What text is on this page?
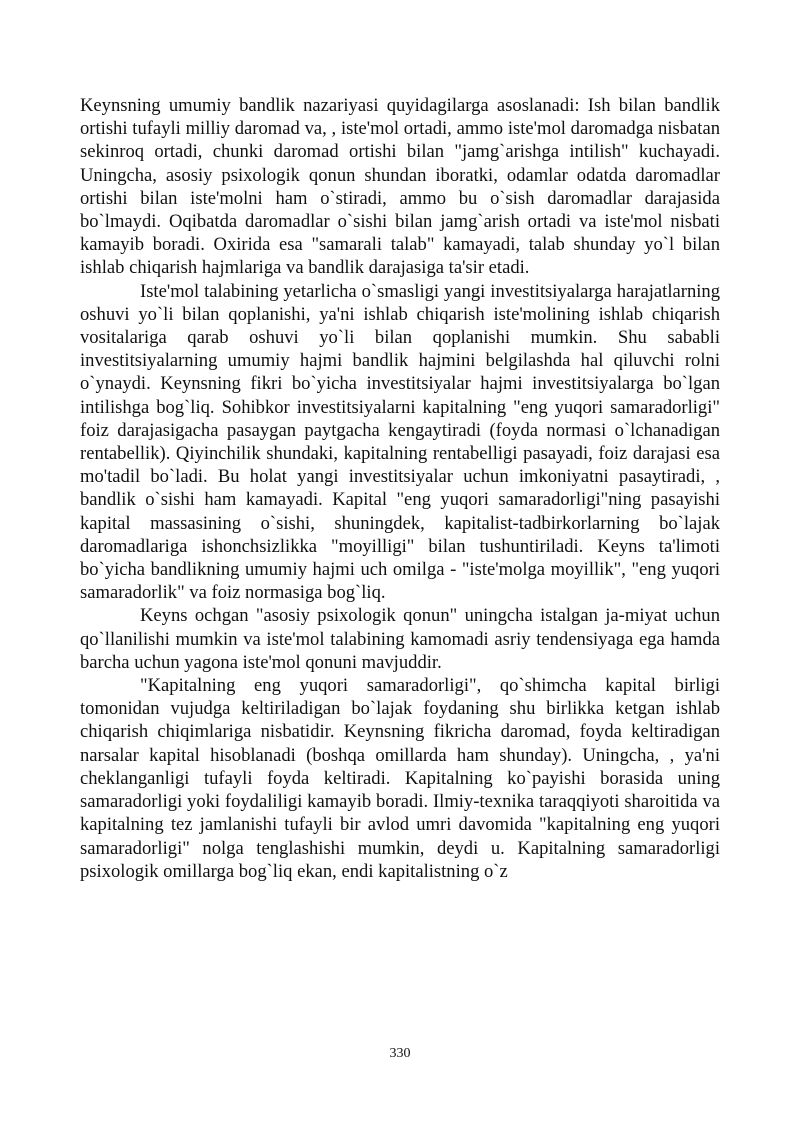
Keynsning umumiy bandlik nazariyasi quyidagilarga asoslanadi: Ish bilan bandlik ortishi tufayli milliy daromad va, , iste'mol ortadi, ammo iste'mol daromadga nisbatan sekinroq ortadi, chunki daromad ortishi bilan "jamg`arishga intilish" kuchayadi. Uningcha, asosiy psixologik qonun shundan iboratki, odamlar odatda daromadlar ortishi bilan iste'molni ham o`stiradi, ammo bu o`sish daromadlar darajasida bo`lmaydi. Oqibatda daromadlar o`sishi bilan jamg`arish ortadi va iste'mol nisbati kamayib boradi. Oxirida esa "samarali talab" kamayadi, talab shunday yo`l bilan ishlab chiqarish hajmlariga va bandlik darajasiga ta'sir etadi.

Iste'mol talabining yetarlicha o`smasligi yangi investitsiyalarga harajatlarning oshuvi yo`li bilan qoplanishi, ya'ni ishlab chiqarish iste'molining ishlab chiqarish vositalariga qarab oshuvi yo`li bilan qoplanishi mumkin. Shu sababli investitsiyalarning umumiy hajmi bandlik hajmini belgilashda hal qiluvchi rolni o`ynaydi. Keynsning fikri bo`yicha investitsiyalar hajmi investitsiyalarga bo`lgan intilishga bog`liq. Sohibkor investitsiyalarni kapitalning "eng yuqori samaradorligi" foiz darajasigacha pasaygan paytgacha kengaytiradi (foyda normasi o`lchanadigan rentabellik). Qiyinchilik shundaki, kapitalning rentabelligi pasayadi, foiz darajasi esa mo'tadil bo`ladi. Bu holat yangi investitsiyalar uchun imkoniyatni pasaytiradi, , bandlik o`sishi ham kamayadi. Kapital "eng yuqori samaradorligi"ning pasayishi kapital massasining o`sishi, shuningdek, kapitalist-tadbirkorlarning bo`lajak daromadlariga ishonchsizlikka "moyilligi" bilan tushuntiriladi. Keyns ta'limoti bo`yicha bandlikning umumiy hajmi uch omilga - "iste'molga moyillik", "eng yuqori samaradorlik" va foiz normasiga bog`liq.

Keyns ochgan "asosiy psixologik qonun" uningcha istalgan ja-miyat uchun qo`llanilishi mumkin va iste'mol talabining kamomadi asriy tendensiyaga ega hamda barcha uchun yagona iste'mol qonuni mavjuddir.

"Kapitalning eng yuqori samaradorligi", qo`shimcha kapital birligi tomonidan vujudga keltiriladigan bo`lajak foydaning shu birlikka ketgan ishlab chiqarish chiqimlariga nisbatidir. Keynsning fikricha daromad, foyda keltiradigan narsalar kapital hisoblanadi (boshqa omillarda ham shunday). Uningcha, , ya'ni cheklanganligi tufayli foyda keltiradi. Kapitalning ko`payishi borasida uning samaradorligi yoki foydaliligi kamayib boradi. Ilmiy-texnika taraqqiyoti sharoitida va kapitalning tez jamlanishi tufayli bir avlod umri davomida "kapitalning eng yuqori samaradorligi" nolga tenglashishi mumkin, deydi u. Kapitalning samaradorligi psixologik omillarga bog`liq ekan, endi kapitalistning o`z

330
